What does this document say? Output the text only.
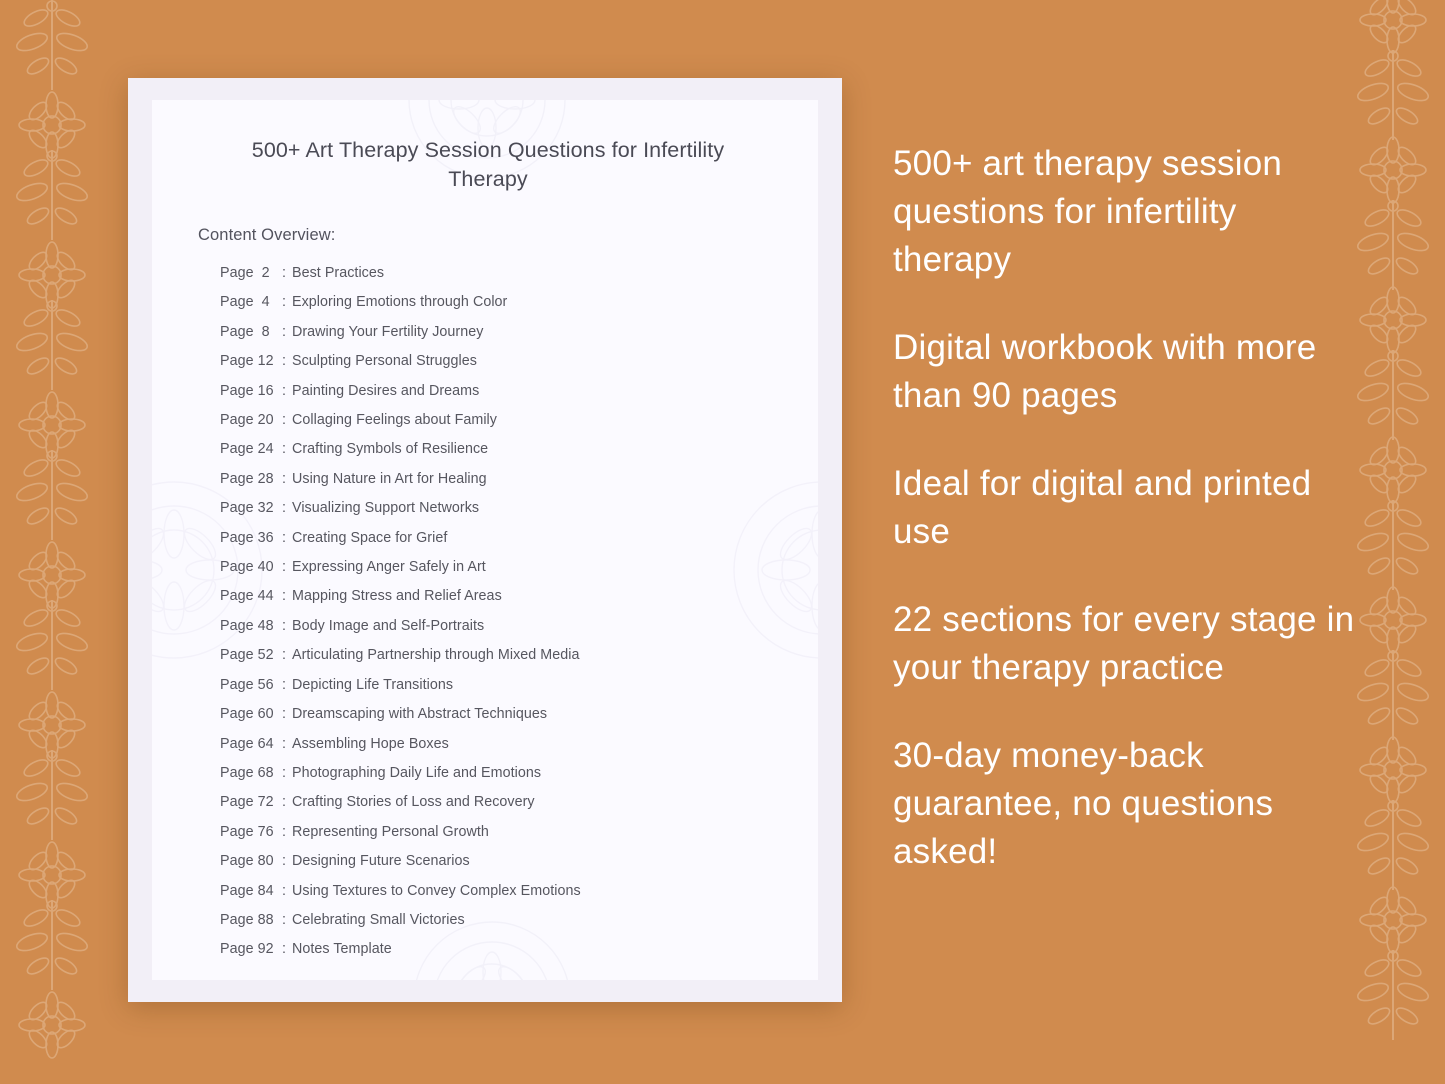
500+ Art Therapy Session Questions for Infertility Therapy
Content Overview:
Page  2 : Best Practices
Page  4 : Exploring Emotions through Color
Page  8 : Drawing Your Fertility Journey
Page 12 : Sculpting Personal Struggles
Page 16 : Painting Desires and Dreams
Page 20 : Collaging Feelings about Family
Page 24 : Crafting Symbols of Resilience
Page 28 : Using Nature in Art for Healing
Page 32 : Visualizing Support Networks
Page 36 : Creating Space for Grief
Page 40 : Expressing Anger Safely in Art
Page 44 : Mapping Stress and Relief Areas
Page 48 : Body Image and Self-Portraits
Page 52 : Articulating Partnership through Mixed Media
Page 56 : Depicting Life Transitions
Page 60 : Dreamscaping with Abstract Techniques
Page 64 : Assembling Hope Boxes
Page 68 : Photographing Daily Life and Emotions
Page 72 : Crafting Stories of Loss and Recovery
Page 76 : Representing Personal Growth
Page 80 : Designing Future Scenarios
Page 84 : Using Textures to Convey Complex Emotions
Page 88 : Celebrating Small Victories
Page 92 : Notes Template

500+ art therapy session questions for infertility therapy

Digital workbook with more than 90 pages

Ideal for digital and printed use

22 sections for every stage in your therapy practice

30-day money-back guarantee, no questions asked!
